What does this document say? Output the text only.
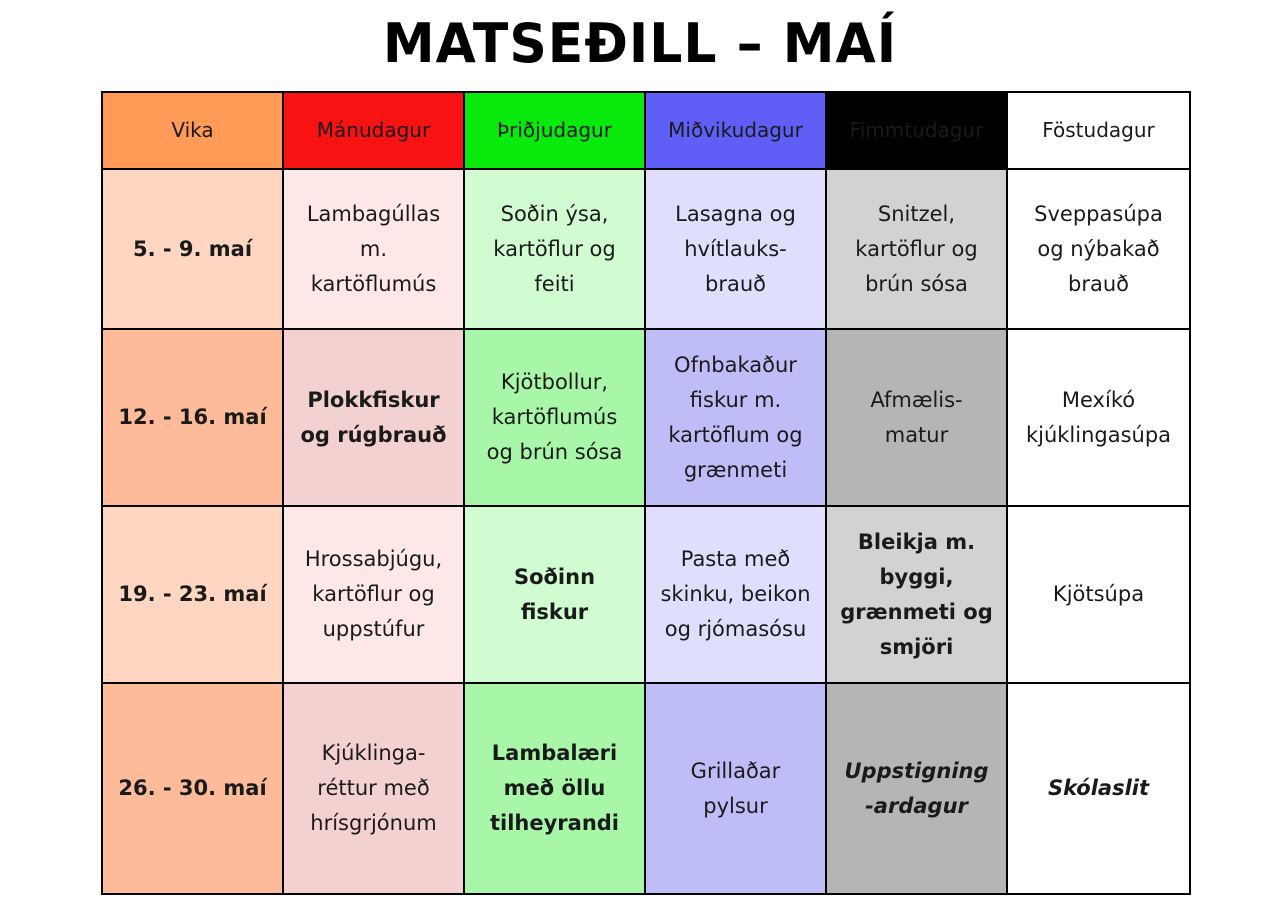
MATSEÐILL – MAÍ
Vika	Mánudagur	Þriðjudagur	Miðvikudagur	Fimmtudagur	Föstudagur
5. - 9. maí	Lambagúllas m. kartöflumús	Soðin ýsa, kartöflur og feiti	Lasagna og hvítlauks-brauð	Snitzel, kartöflur og brún sósa	Sveppasúpa og nýbakað brauð
12. - 16. maí	Plokkfiskur og rúgbrauð	Kjötbollur, kartöflumús og brún sósa	Ofnbakaður fiskur m. kartöflum og grænmeti	Afmælis-matur	Mexíkó kjúklingasúpa
19. - 23. maí	Hrossabjúgu, kartöflur og uppstúfur	Soðinn fiskur	Pasta með skinku, beikon og rjómasósu	Bleikja m. byggi, grænmeti og smjöri	Kjötsúpa
26. - 30. maí	Kjúklinga-réttur með hrísgrjónum	Lambalæri með öllu tilheyrandi	Grillaðar pylsur	Uppstigning -ardagur	Skólaslit
